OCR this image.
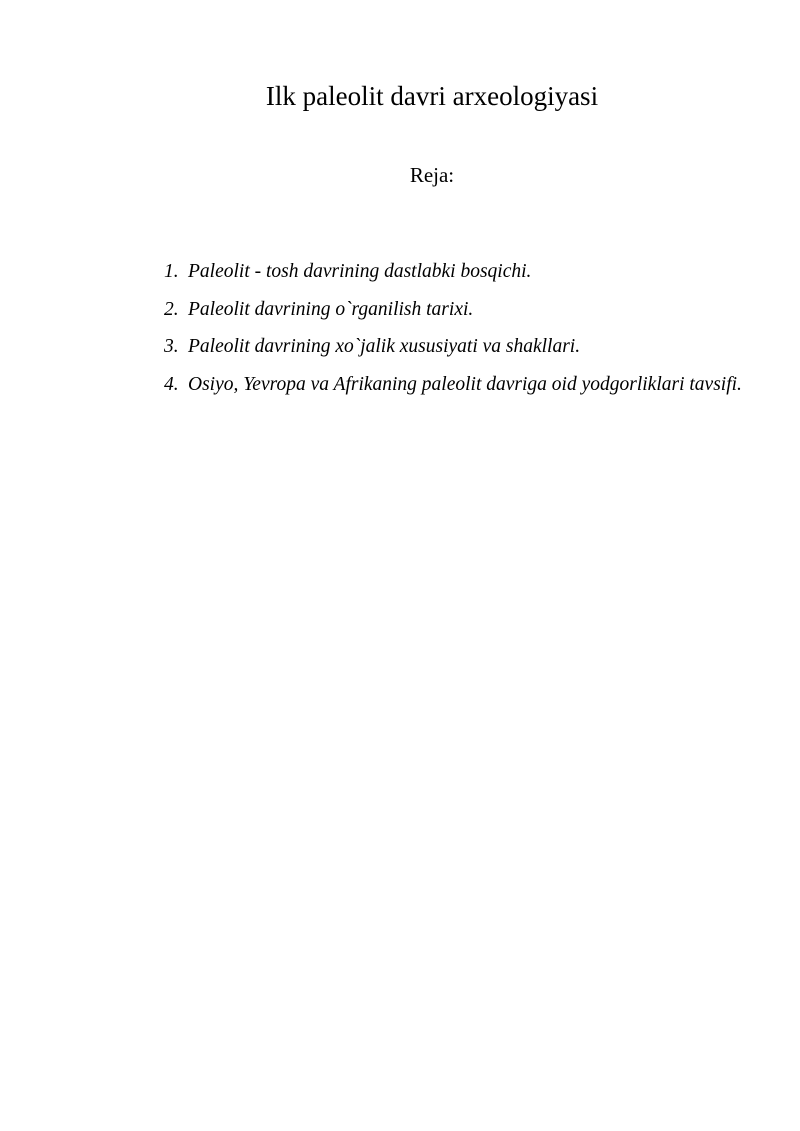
Ilk paleolit davri arxeologiyasi

Reja:

1. Paleolit - tosh davrining dastlabki bosqichi.
2. Paleolit davrining o`rganilish tarixi.
3. Paleolit davrining xo`jalik xususiyati va shakllari.
4. Osiyo, Yevropa va Afrikaning paleolit davriga oid yodgorliklari tavsifi.
